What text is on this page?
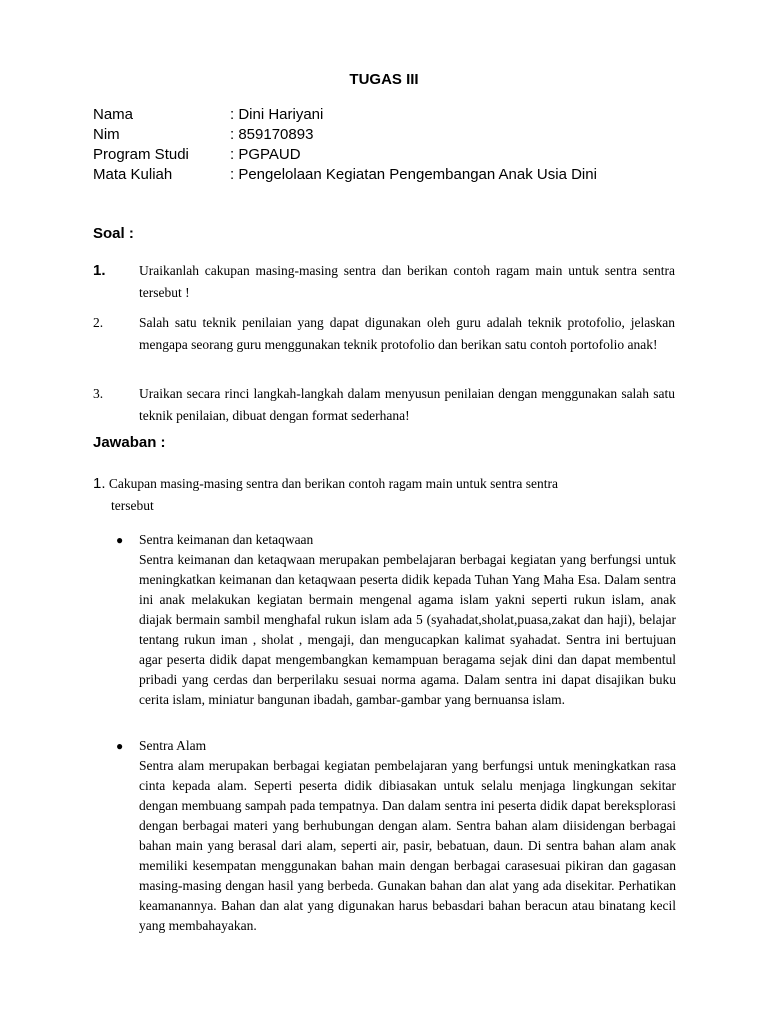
TUGAS III
Nama	: Dini Hariyani
Nim	: 859170893
Program Studi	: PGPAUD
Mata Kuliah	: Pengelolaan Kegiatan Pengembangan Anak Usia Dini
Soal :
1. Uraikanlah cakupan masing-masing sentra dan berikan contoh ragam main untuk sentra sentra tersebut !
2.	Salah satu teknik penilaian yang dapat digunakan oleh guru adalah teknik protofolio, jelaskan mengapa seorang guru menggunakan teknik protofolio dan berikan satu contoh portofolio anak!
3.	Uraikan secara rinci langkah-langkah dalam menyusun penilaian dengan menggunakan salah satu teknik penilaian, dibuat dengan format sederhana!
Jawaban :
1. Cakupan masing-masing sentra dan berikan contoh ragam main untuk sentra sentra
tersebut
● Sentra keimanan dan ketaqwaan
Sentra keimanan dan ketaqwaan merupakan pembelajaran berbagai kegiatan yang berfungsi untuk meningkatkan keimanan dan ketaqwaan peserta didik kepada Tuhan Yang Maha Esa. Dalam sentra ini anak melakukan kegiatan bermain mengenal agama islam yakni seperti rukun islam, anak diajak bermain sambil menghafal rukun islam ada 5 (syahadat,sholat,puasa,zakat dan haji), belajar tentang rukun iman , sholat , mengaji, dan mengucapkan kalimat syahadat. Sentra ini bertujuan agar peserta didik dapat mengembangkan kemampuan beragama sejak dini dan dapat membentul pribadi yang cerdas dan berperilaku sesuai norma agama. Dalam sentra ini dapat disajikan buku cerita islam, miniatur bangunan ibadah, gambar-gambar yang bernuansa islam.
● Sentra Alam
Sentra alam merupakan berbagai kegiatan pembelajaran yang berfungsi untuk meningkatkan rasa cinta kepada alam. Seperti peserta didik dibiasakan untuk selalu menjaga lingkungan sekitar dengan membuang sampah pada tempatnya. Dan dalam sentra ini peserta didik dapat bereksplorasi dengan berbagai materi yang berhubungan dengan alam. Sentra bahan alam diisidengan berbagai bahan main yang berasal dari alam, seperti air, pasir, bebatuan, daun. Di sentra bahan alam anak memiliki kesempatan menggunakan bahan main dengan berbagai carasesuai pikiran dan gagasan masing-masing dengan hasil yang berbeda. Gunakan bahan dan alat yang ada disekitar. Perhatikan keamanannya. Bahan dan alat yang digunakan harus bebasdari bahan beracun atau binatang kecil yang membahayakan.
